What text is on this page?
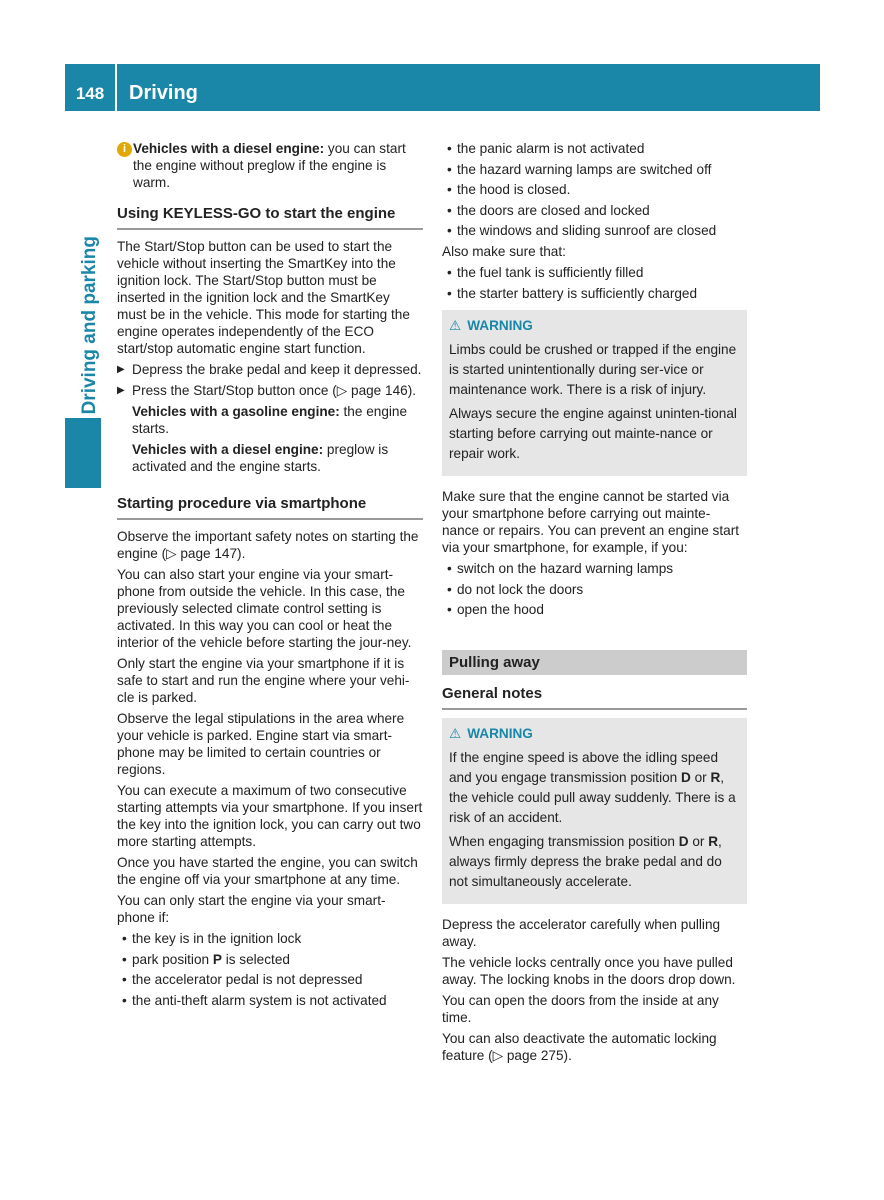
148	Driving
Driving and parking
i Vehicles with a diesel engine: you can start the engine without preglow if the engine is warm.
Using KEYLESS-GO to start the engine

The Start/Stop button can be used to start the vehicle without inserting the SmartKey into the ignition lock. The Start/Stop button must be inserted in the ignition lock and the SmartKey must be in the vehicle. This mode for starting the engine operates independently of the ECO start/stop automatic engine start function.

▶ Depress the brake pedal and keep it depressed.
▶ Press the Start/Stop button once (▷ page 146).
Vehicles with a gasoline engine: the engine starts.
Vehicles with a diesel engine: preglow is activated and the engine starts.
Starting procedure via smartphone

Observe the important safety notes on starting the engine (▷ page 147).

You can also start your engine via your smart-phone from outside the vehicle. In this case, the previously selected climate control setting is activated. In this way you can cool or heat the interior of the vehicle before starting the jour-ney.

Only start the engine via your smartphone if it is safe to start and run the engine where your vehi-cle is parked.

Observe the legal stipulations in the area where your vehicle is parked. Engine start via smart-phone may be limited to certain countries or regions.

You can execute a maximum of two consecutive starting attempts via your smartphone. If you insert the key into the ignition lock, you can carry out two more starting attempts.

Once you have started the engine, you can switch the engine off via your smartphone at any time.

You can only start the engine via your smart-phone if:

• the key is in the ignition lock
• park position P is selected
• the accelerator pedal is not depressed
• the anti-theft alarm system is not activated
• the panic alarm is not activated
• the hazard warning lamps are switched off
• the hood is closed.
• the doors are closed and locked
• the windows and sliding sunroof are closed

Also make sure that:

• the fuel tank is sufficiently filled
• the starter battery is sufficiently charged
⚠ WARNING

Limbs could be crushed or trapped if the engine is started unintentionally during ser-vice or maintenance work. There is a risk of injury.

Always secure the engine against uninten-tional starting before carrying out mainte-nance or repair work.

Make sure that the engine cannot be started via your smartphone before carrying out mainte-nance or repairs. You can prevent an engine start via your smartphone, for example, if you:

• switch on the hazard warning lamps
• do not lock the doors
• open the hood
Pulling away
General notes
⚠ WARNING

If the engine speed is above the idling speed and you engage transmission position D or R, the vehicle could pull away suddenly. There is a risk of an accident.

When engaging transmission position D or R, always firmly depress the brake pedal and do not simultaneously accelerate.

Depress the accelerator carefully when pulling away.

The vehicle locks centrally once you have pulled away. The locking knobs in the doors drop down.

You can open the doors from the inside at any time.

You can also deactivate the automatic locking feature (▷ page 275).
